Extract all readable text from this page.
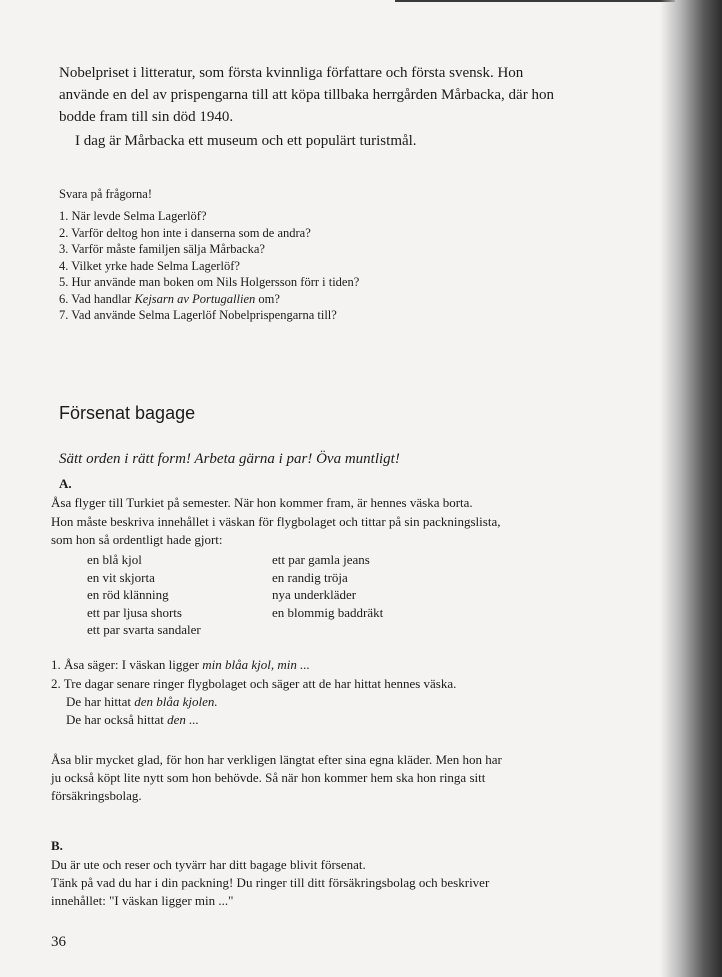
Nobelpriset i litteratur, som första kvinnliga författare och första svensk. Hon
använde en del av prispengarna till att köpa tillbaka herrgården Mårbacka, där hon
bodde fram till sin död 1940.
I dag är Mårbacka ett museum och ett populärt turistmål.
Svara på frågorna!
1. När levde Selma Lagerlöf?
2. Varför deltog hon inte i danserna som de andra?
3. Varför måste familjen sälja Mårbacka?
4. Vilket yrke hade Selma Lagerlöf?
5. Hur använde man boken om Nils Holgersson förr i tiden?
6. Vad handlar Kejsarn av Portugallien om?
7. Vad använde Selma Lagerlöf Nobelprispengarna till?
Försenat bagage
Sätt orden i rätt form! Arbeta gärna i par! Öva muntligt!
A.
Åsa flyger till Turkiet på semester. När hon kommer fram, är hennes väska borta.
Hon måste beskriva innehållet i väskan för flygbolaget och tittar på sin packningslista,
som hon så ordentligt hade gjort:
en blå kjol
en vit skjorta
en röd klänning
ett par ljusa shorts
ett par svarta sandaler
ett par gamla jeans
en randig tröja
nya underkläder
en blommig baddräkt
1. Åsa säger: I väskan ligger min blåa kjol, min ...
2. Tre dagar senare ringer flygbolaget och säger att de har hittat hennes väska.
De har hittat den blåa kjolen.
De har också hittat den ...
Åsa blir mycket glad, för hon har verkligen längtat efter sina egna kläder. Men hon har
ju också köpt lite nytt som hon behövde. Så när hon kommer hem ska hon ringa sitt
försäkringsbolag.
B.
Du är ute och reser och tyvärr har ditt bagage blivit försenat.
Tänk på vad du har i din packning! Du ringer till ditt försäkringsbolag och beskriver
innehållet: "I väskan ligger min ..."
36
